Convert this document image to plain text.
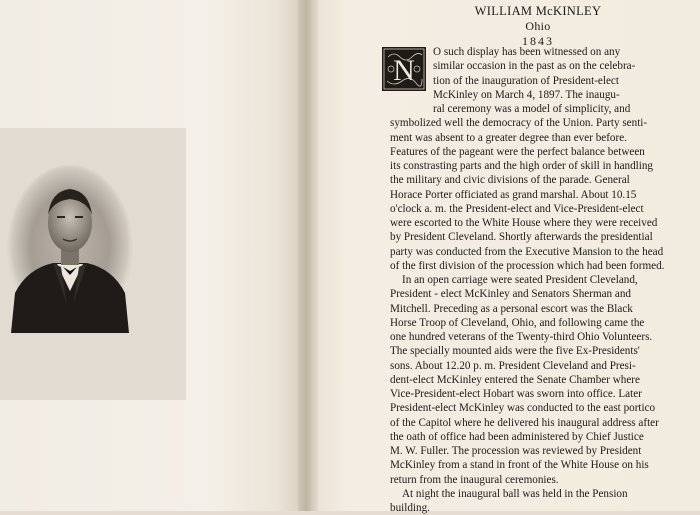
WILLIAM McKINLEY
Ohio
1843
N
O such display has been witnessed on any
similar occasion in the past as on the celebra-
tion of the inauguration of President-elect
McKinley on March 4, 1897. The inaugu-
ral ceremony was a model of simplicity, and
symbolized well the democracy of the Union. Party senti-
ment was absent to a greater degree than ever before.
Features of the pageant were the perfect balance between
its constrasting parts and the high order of skill in handling
the military and civic divisions of the parade. General
Horace Porter officiated as grand marshal. About 10.15
o'clock a. m. the President-elect and Vice-President-elect
were escorted to the White House where they were received
by President Cleveland. Shortly afterwards the presidential
party was conducted from the Executive Mansion to the head
of the first division of the procession which had been formed.
In an open carriage were seated President Cleveland,
President - elect McKinley and Senators Sherman and
Mitchell. Preceding as a personal escort was the Black
Horse Troop of Cleveland, Ohio, and following came the
one hundred veterans of the Twenty-third Ohio Volunteers.
The specially mounted aids were the five Ex-Presidents'
sons. About 12.20 p. m. President Cleveland and Presi-
dent-elect McKinley entered the Senate Chamber where
Vice-President-elect Hobart was sworn into office. Later
President-elect McKinley was conducted to the east portico
of the Capitol where he delivered his inaugural address after
the oath of office had been administered by Chief Justice
M. W. Fuller. The procession was reviewed by President
McKinley from a stand in front of the White House on his
return from the inaugural ceremonies.
At night the inaugural ball was held in the Pension
building.
